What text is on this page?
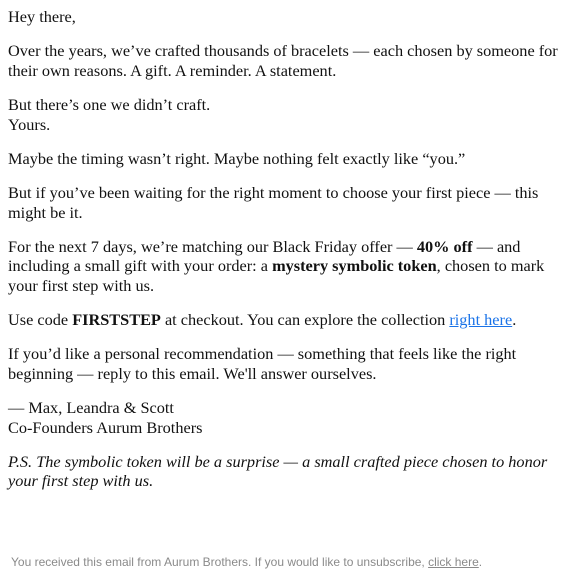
Hey there,

Over the years, we’ve crafted thousands of bracelets — each chosen by someone for their own reasons. A gift. A reminder. A statement.

But there’s one we didn’t craft.
Yours.

Maybe the timing wasn’t right. Maybe nothing felt exactly like “you.”

But if you’ve been waiting for the right moment to choose your first piece — this might be it.

For the next 7 days, we’re matching our Black Friday offer — 40% off — and including a small gift with your order: a mystery symbolic token, chosen to mark your first step with us.

Use code FIRSTSTEP at checkout. You can explore the collection right here.

If you’d like a personal recommendation — something that feels like the right beginning — reply to this email. We'll answer ourselves.

— Max, Leandra & Scott
Co-Founders Aurum Brothers

P.S. The symbolic token will be a surprise — a small crafted piece chosen to honor your first step with us.

You received this email from Aurum Brothers. If you would like to unsubscribe, click here.
